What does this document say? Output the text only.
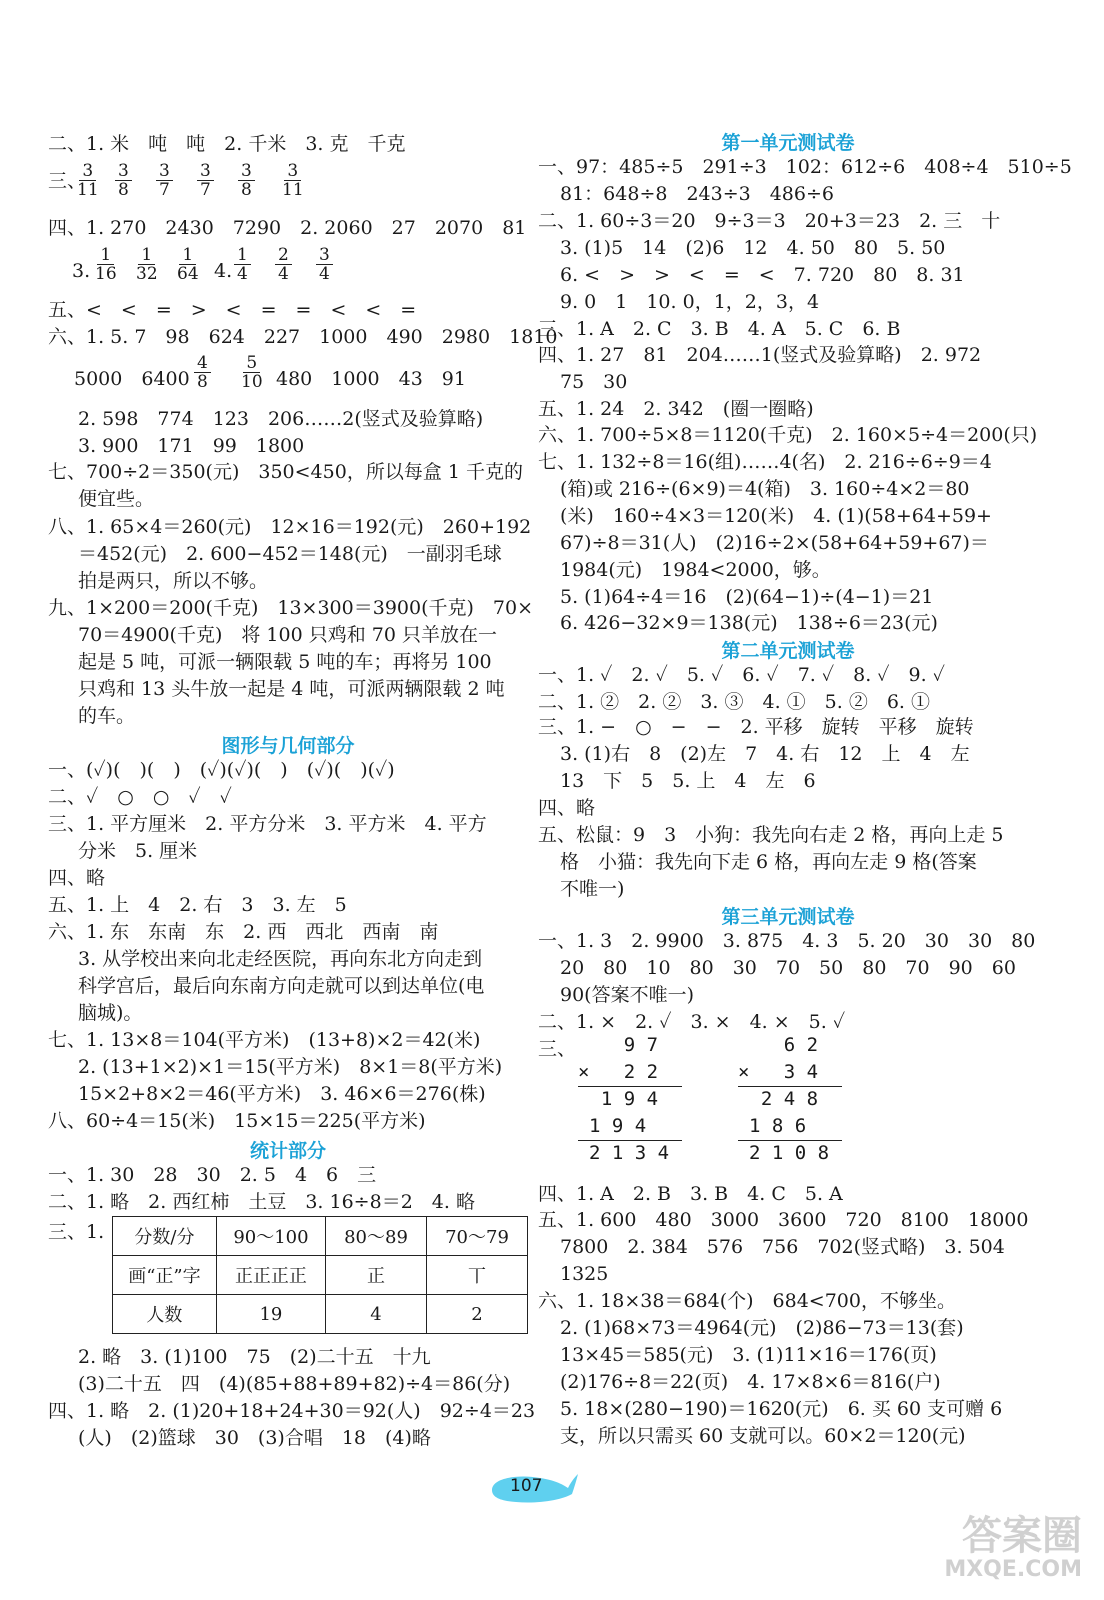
二、1. 米　吨　吨　2. 千米　3. 克　千克
三、
$\frac{3}{11} \frac{3}{8} \frac{3}{7} \frac{3}{7} \frac{3}{8} \frac{3}{11}$
四、1. 270　2430　7290　2. 2060　27　2070　81
3. $\frac{1}{16} \frac{1}{32} \frac{1}{64} 4$. $\frac{1}{4} \frac{2}{4} \frac{3}{4}$
五、<　<　=　>　<　=　=　<　<　=
六、1. 5. 7　98　624　227　1000　490　2980　1810
5000　$6400 \frac{4}{8} \frac{5}{10} 480$　1000　43　91
2. 598　774　123　206……2(竖式及验算略)
3. 900　171　99　1800
七、700÷2＝350(元)　350<450，所以每盒 1 千克的
便宜些。
八、1. 65×4＝260(元)　12×16＝192(元)　260+192
＝452(元)　2. 600−452＝148(元)　一副羽毛球
拍是两只，所以不够。
九、1×200＝200(千克)　13×300＝3900(千克)　70×
70＝4900(千克)　将 100 只鸡和 70 只羊放在一
起是 5 吨，可派一辆限载 5 吨的车；再将另 100
只鸡和 13 头牛放一起是 4 吨，可派两辆限载 2 吨
的车。
图形与几何部分
一、(✓)(　)(　)　(✓)(✓)(　)　(✓)(　)(✓)
二、✓　○　○　✓　✓
三、1. 平方厘米　2. 平方分米　3. 平方米　4. 平方
分米　5. 厘米
四、略
五、1. 上　4　2. 右　3　3. 左　5
六、1. 东　东南　东　2. 西　西北　西南　南
3. 从学校出来向北走经医院，再向东北方向走到
科学宫后，最后向东南方向走就可以到达单位(电
脑城)。
七、1. 13×8＝104(平方米)　(13+8)×2＝42(米)
2. (13+1×2)×1＝15(平方米)　8×1＝8(平方米)
15×2+8×2＝46(平方米)　3. 46×6＝276(株)
八、60÷4＝15(米)　15×15＝225(平方米)
统计部分
一、1. 30　28　30　2. 5　4　6　三
二、1. 略　2. 西红柿　土豆　3. 16÷8＝2　4. 略
三、1. 分数/分	90～100	80～89	70～79
画“正”字	正正正正	正	丅
人数	19	4	2
2. 略　3. (1)100　75　(2)二十五　十九
(3)二十五　四　(4)(85+88+89+82)÷4＝86(分)
四、1. 略　2. (1)20+18+24+30＝92(人)　92÷4＝23
(人)　(2)篮球　30　(3)合唱　18　(4)略
第一单元测试卷
一、97：485÷5　291÷3　102：612÷6　408÷4　510÷5
81：648÷8　243÷3　486÷6
二、1. 60÷3＝20　9÷3＝3　20+3＝23　2. 三　十
3. (1)5　14　(2)6　12　4. 50　80　5. 50
6. <　>　>　<　=　<　7. 720　80　8. 31
9. 0　1　10. 0，1，2，3，4
三、1. A　2. C　3. B　4. A　5. C　6. B
四、1. 27　81　204……1(竖式及验算略)　2. 972
75　30
五、1. 24　2. 342　(圈一圈略)
六、1. 700÷5×8＝1120(千克)　2. 160×5÷4＝200(只)
七、1. 132÷8＝16(组)……4(名)　2. 216÷6÷9＝4
(箱)或 216÷(6×9)＝4(箱)　3. 160÷4×2＝80
(米)　160÷4×3＝120(米)　4. (1)(58+64+59+
67)÷8＝31(人)　(2)16÷2×(58+64+59+67)＝
1984(元)　1984<2000，够。
5. (1)64÷4＝16　(2)(64−1)÷(4−1)＝21
6. 426−32×9＝138(元)　138÷6＝23(元)
第二单元测试卷
一、1. ✓　2. ✓　5. ✓　6. ✓　7. ✓　8. ✓　9. ✓
二、1. ②　2. ②　3. ③　4. ①　5. ②　6. ①
三、1. −　○　−　−　2. 平移　旋转　平移　旋转
3. (1)右　8　(2)左　7　4. 右　12　上　4　左
13　下　5　5. 上　4　左　6
四、略
五、松鼠：9　3　小狗：我先向右走 2 格，再向上走 5
格　小猫：我先向下走 6 格，再向左走 9 格(答案
不唯一)
第三单元测试卷
一、1. 3　2. 9900　3. 875　4. 3　5. 20　30　30　80
20　80　10　80　30　70　50　80　70　90　60
90(答案不唯一)
二、1. ×　2. ✓　3. ×　4. ×　5. ✓
三、 9 7
×   2 2
1 9 4
1 9 4
2 1 3 4
6 2
×   3 4
2 4 8
1 8 6
2 1 0 8
四、1. A　2. B　3. B　4. C　5. A
五、1. 600　480　3000　3600　720　8100　18000
7800　2. 384　576　756　702(竖式略)　3. 504
1325
六、1. 18×38＝684(个)　684<700，不够坐。
2. (1)68×73＝4964(元)　(2)86−73＝13(套)
13×45＝585(元)　3. (1)11×16＝176(页)
(2)176÷8＝22(页)　4. 17×8×6＝816(户)
5. 18×(280−190)＝1620(元)　6. 买 60 支可赠 6
支，所以只需买 60 支就可以。60×2＝120(元)
107
答案圈
MXQE.COM
